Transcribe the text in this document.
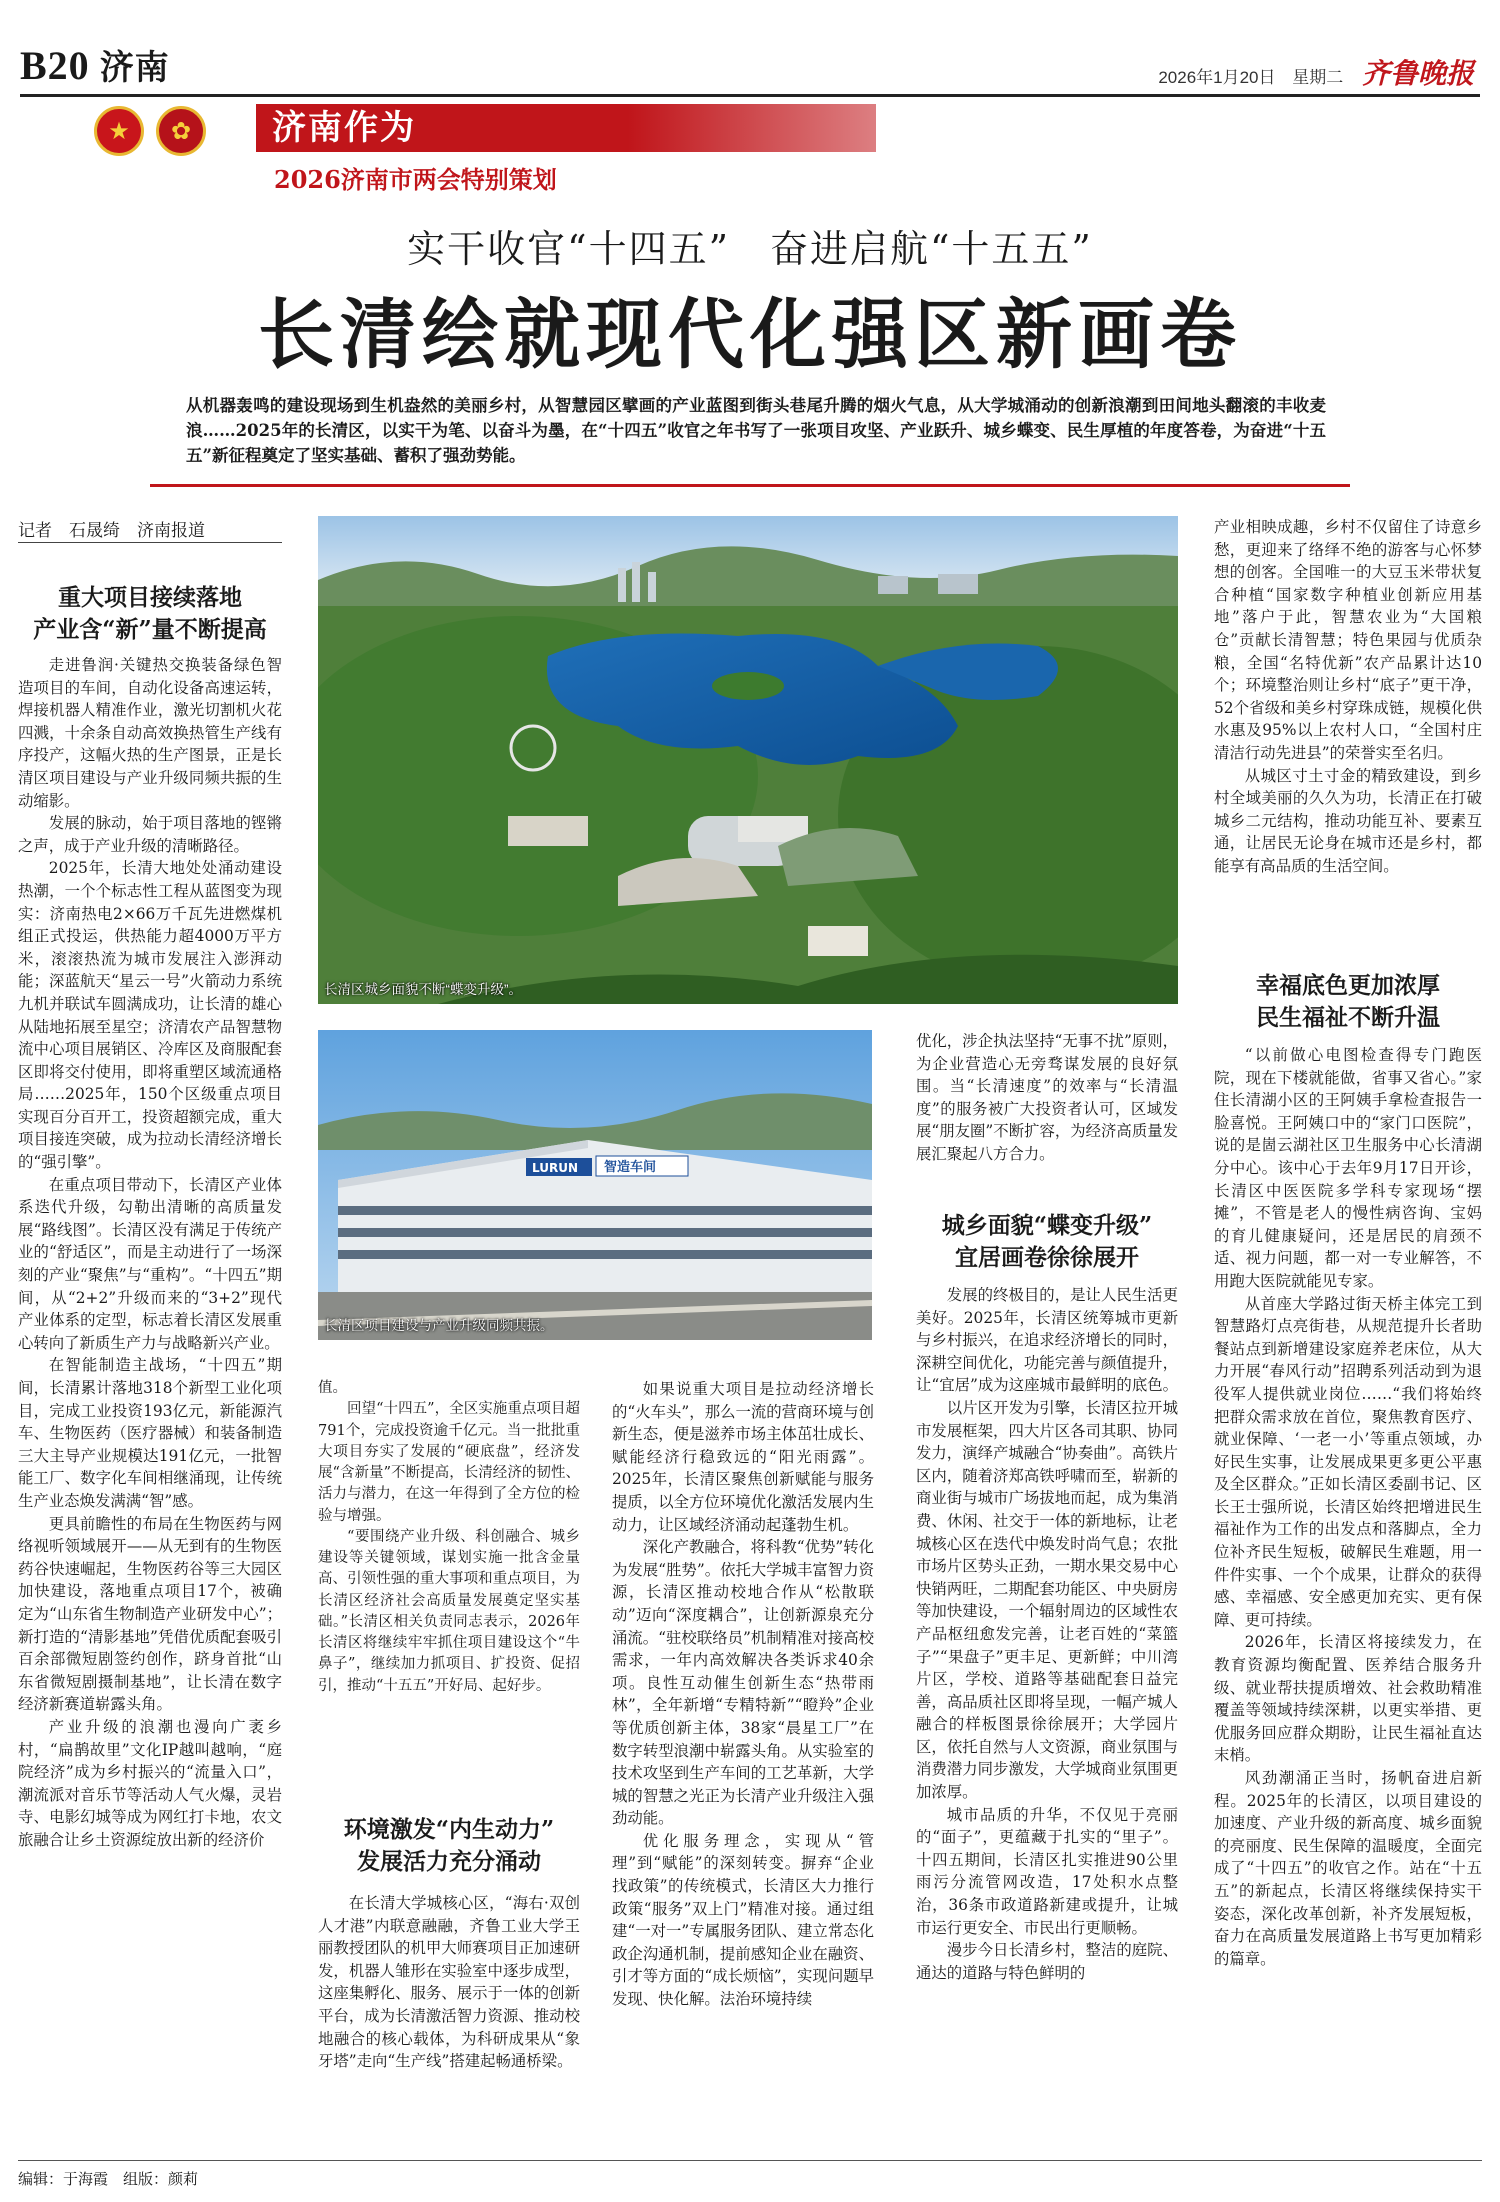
B20 济南	2026年1月20日 星期二 齐鲁晚报
★	✿	济南作为
2026济南市两会特别策划
实干收官“十四五”　奋进启航“十五五”
长清绘就现代化强区新画卷
从机器轰鸣的建设现场到生机盎然的美丽乡村，从智慧园区擘画的产业蓝图到街头巷尾升腾的烟火气息，从大学城涌动的创新浪潮到田间地头翻滚的丰收麦浪……2025年的长清区，以实干为笔、以奋斗为墨，在“十四五”收官之年书写了一张项目攻坚、产业跃升、城乡蝶变、民生厚植的年度答卷，为奋进“十五五”新征程奠定了坚实基础、蓄积了强劲势能。
记者　石晟绮　济南报道
重大项目接续落地
产业含“新”量不断提高

走进鲁润·关键热交换装备绿色智造项目的车间，自动化设备高速运转，焊接机器人精准作业，激光切割机火花四溅，十余条自动高效换热管生产线有序投产，这幅火热的生产图景，正是长清区项目建设与产业升级同频共振的生动缩影。

发展的脉动，始于项目落地的铿锵之声，成于产业升级的清晰路径。

2025年，长清大地处处涌动建设热潮，一个个标志性工程从蓝图变为现实：济南热电2×66万千瓦先进燃煤机组正式投运，供热能力超4000万平方米，滚滚热流为城市发展注入澎湃动能；深蓝航天“星云一号”火箭动力系统九机并联试车圆满成功，让长清的雄心从陆地拓展至星空；济清农产品智慧物流中心项目展销区、冷库区及商服配套区即将交付使用，即将重塑区域流通格局……2025年，150个区级重点项目实现百分百开工，投资超额完成，重大项目接连突破，成为拉动长清经济增长的“强引擎”。

在重点项目带动下，长清区产业体系迭代升级，勾勒出清晰的高质量发展“路线图”。长清区没有满足于传统产业的“舒适区”，而是主动进行了一场深刻的产业“聚焦”与“重构”。“十四五”期间，从“2+2”升级而来的“3+2”现代产业体系的定型，标志着长清区发展重心转向了新质生产力与战略新兴产业。

在智能制造主战场，“十四五”期间，长清累计落地318个新型工业化项目，完成工业投资193亿元，新能源汽车、生物医药（医疗器械）和装备制造三大主导产业规模达191亿元，一批智能工厂、数字化车间相继涌现，让传统生产业态焕发满满“智”感。

更具前瞻性的布局在生物医药与网络视听领域展开——从无到有的生物医药谷快速崛起，生物医药谷等三大园区加快建设，落地重点项目17个，被确定为“山东省生物制造产业研发中心”；新打造的“清影基地”凭借优质配套吸引百余部微短剧签约创作，跻身首批“山东省微短剧摄制基地”，让长清在数字经济新赛道崭露头角。

产业升级的浪潮也漫向广袤乡村，“扁鹊故里”文化IP越叫越响，“庭院经济”成为乡村振兴的“流量入口”，潮流派对音乐节等活动人气火爆，灵岩寺、电影幻城等成为网红打卡地，农文旅融合让乡土资源绽放出新的经济价

长清区城乡面貌不断“蝶变升级”。
LURUN 智造车间
长清区项目建设与产业升级同频共振。

值。

回望“十四五”，全区实施重点项目超791个，完成投资逾千亿元。当一批批重大项目夯实了发展的“硬底盘”，经济发展“含新量”不断提高，长清经济的韧性、活力与潜力，在这一年得到了全方位的检验与增强。

“要围绕产业升级、科创融合、城乡建设等关键领域，谋划实施一批含金量高、引领性强的重大事项和重点项目，为长清区经济社会高质量发展奠定坚实基础。”长清区相关负责同志表示，2026年长清区将继续牢牢抓住项目建设这个“牛鼻子”，继续加力抓项目、扩投资、促招引，推动“十五五”开好局、起好步。

环境激发“内生动力”
发展活力充分涌动

在长清大学城核心区，“海右·双创人才港”内联意融融，齐鲁工业大学王丽教授团队的机甲大师赛项目正加速研发，机器人雏形在实验室中逐步成型，这座集孵化、服务、展示于一体的创新平台，成为长清激活智力资源、推动校地融合的核心载体，为科研成果从“象牙塔”走向“生产线”搭建起畅通桥梁。

如果说重大项目是拉动经济增长的“火车头”，那么一流的营商环境与创新生态，便是滋养市场主体茁壮成长、赋能经济行稳致远的“阳光雨露”。2025年，长清区聚焦创新赋能与服务提质，以全方位环境优化激活发展内生动力，让区域经济涌动起蓬勃生机。

深化产教融合，将科教“优势”转化为发展“胜势”。依托大学城丰富智力资源，长清区推动校地合作从“松散联动”迈向“深度耦合”，让创新源泉充分涌流。“驻校联络员”机制精准对接高校需求，一年内高效解决各类诉求40余项。良性互动催生创新生态“热带雨林”，全年新增“专精特新”“瞪羚”企业等优质创新主体，38家“晨星工厂”在数字转型浪潮中崭露头角。从实验室的技术攻坚到生产车间的工艺革新，大学城的智慧之光正为长清产业升级注入强劲动能。

优化服务理念，实现从“管理”到“赋能”的深刻转变。摒弃“企业找政策”的传统模式，长清区大力推行政策“服务”双上门”精准对接。通过组建“一对一”专属服务团队、建立常态化政企沟通机制，提前感知企业在融资、引才等方面的“成长烦恼”，实现问题早发现、快化解。法治环境持续

优化，涉企执法坚持“无事不扰”原则，为企业营造心无旁骛谋发展的良好氛围。当“长清速度”的效率与“长清温度”的服务被广大投资者认可，区域发展“朋友圈”不断扩容，为经济高质量发展汇聚起八方合力。

城乡面貌“蝶变升级”
宜居画卷徐徐展开

发展的终极目的，是让人民生活更美好。2025年，长清区统筹城市更新与乡村振兴，在追求经济增长的同时，深耕空间优化，功能完善与颜值提升，让“宜居”成为这座城市最鲜明的底色。

以片区开发为引擎，长清区拉开城市发展框架，四大片区各司其职、协同发力，演绎产城融合“协奏曲”。高铁片区内，随着济郑高铁呼啸而至，崭新的商业街与城市广场拔地而起，成为集消费、休闲、社交于一体的新地标，让老城核心区在迭代中焕发时尚气息；农批市场片区势头正劲，一期水果交易中心快销两旺，二期配套功能区、中央厨房等加快建设，一个辐射周边的区域性农产品枢纽愈发完善，让老百姓的“菜篮子”“果盘子”更丰足、更新鲜；中川湾片区，学校、道路等基础配套日益完善，高品质社区即将呈现，一幅产城人融合的样板图景徐徐展开；大学园片区，依托自然与人文资源，商业氛围与消费潜力同步激发，大学城商业氛围更加浓厚。

城市品质的升华，不仅见于亮丽的“面子”，更蕴藏于扎实的“里子”。十四五期间，长清区扎实推进90公里雨污分流管网改造，17处积水点整治，36条市政道路新建或提升，让城市运行更安全、市民出行更顺畅。

漫步今日长清乡村，整洁的庭院、通达的道路与特色鲜明的

产业相映成趣，乡村不仅留住了诗意乡愁，更迎来了络绎不绝的游客与心怀梦想的创客。全国唯一的大豆玉米带状复合种植“国家数字种植业创新应用基地”落户于此，智慧农业为“大国粮仓”贡献长清智慧；特色果园与优质杂粮，全国“名特优新”农产品累计达10个；环境整治则让乡村“底子”更干净，52个省级和美乡村穿珠成链，规模化供水惠及95%以上农村人口，“全国村庄清洁行动先进县”的荣誉实至名归。

从城区寸土寸金的精致建设，到乡村全域美丽的久久为功，长清正在打破城乡二元结构，推动功能互补、要素互通，让居民无论身在城市还是乡村，都能享有高品质的生活空间。

幸福底色更加浓厚
民生福祉不断升温

“以前做心电图检查得专门跑医院，现在下楼就能做，省事又省心。”家住长清湖小区的王阿姨手拿检查报告一脸喜悦。王阿姨口中的“家门口医院”，说的是崮云湖社区卫生服务中心长清湖分中心。该中心于去年9月17日开诊，长清区中医医院多学科专家现场“摆摊”，不管是老人的慢性病咨询、宝妈的育儿健康疑问，还是居民的肩颈不适、视力问题，都一对一专业解答，不用跑大医院就能见专家。

从首座大学路过街天桥主体完工到智慧路灯点亮街巷，从规范提升长者助餐站点到新增建设家庭养老床位，从大力开展“春风行动”招聘系列活动到为退役军人提供就业岗位……“我们将始终把群众需求放在首位，聚焦教育医疗、就业保障、‘一老一小’等重点领域，办好民生实事，让发展成果更多更公平惠及全区群众。”正如长清区委副书记、区长王士强所说，长清区始终把增进民生福祉作为工作的出发点和落脚点，全力位补齐民生短板，破解民生难题，用一件件实事、一个个成果，让群众的获得感、幸福感、安全感更加充实、更有保障、更可持续。

2026年，长清区将接续发力，在教育资源均衡配置、医养结合服务升级、就业帮扶提质增效、社会救助精准覆盖等领域持续深耕，以更实举措、更优服务回应群众期盼，让民生福祉直达末梢。

风劲潮涌正当时，扬帆奋进启新程。2025年的长清区，以项目建设的加速度、产业升级的新高度、城乡面貌的亮丽度、民生保障的温暖度，全面完成了“十四五”的收官之作。站在“十五五”的新起点，长清区将继续保持实干姿态，深化改革创新，补齐发展短板，奋力在高质量发展道路上书写更加精彩的篇章。

编辑：于海霞　组版：颜莉
